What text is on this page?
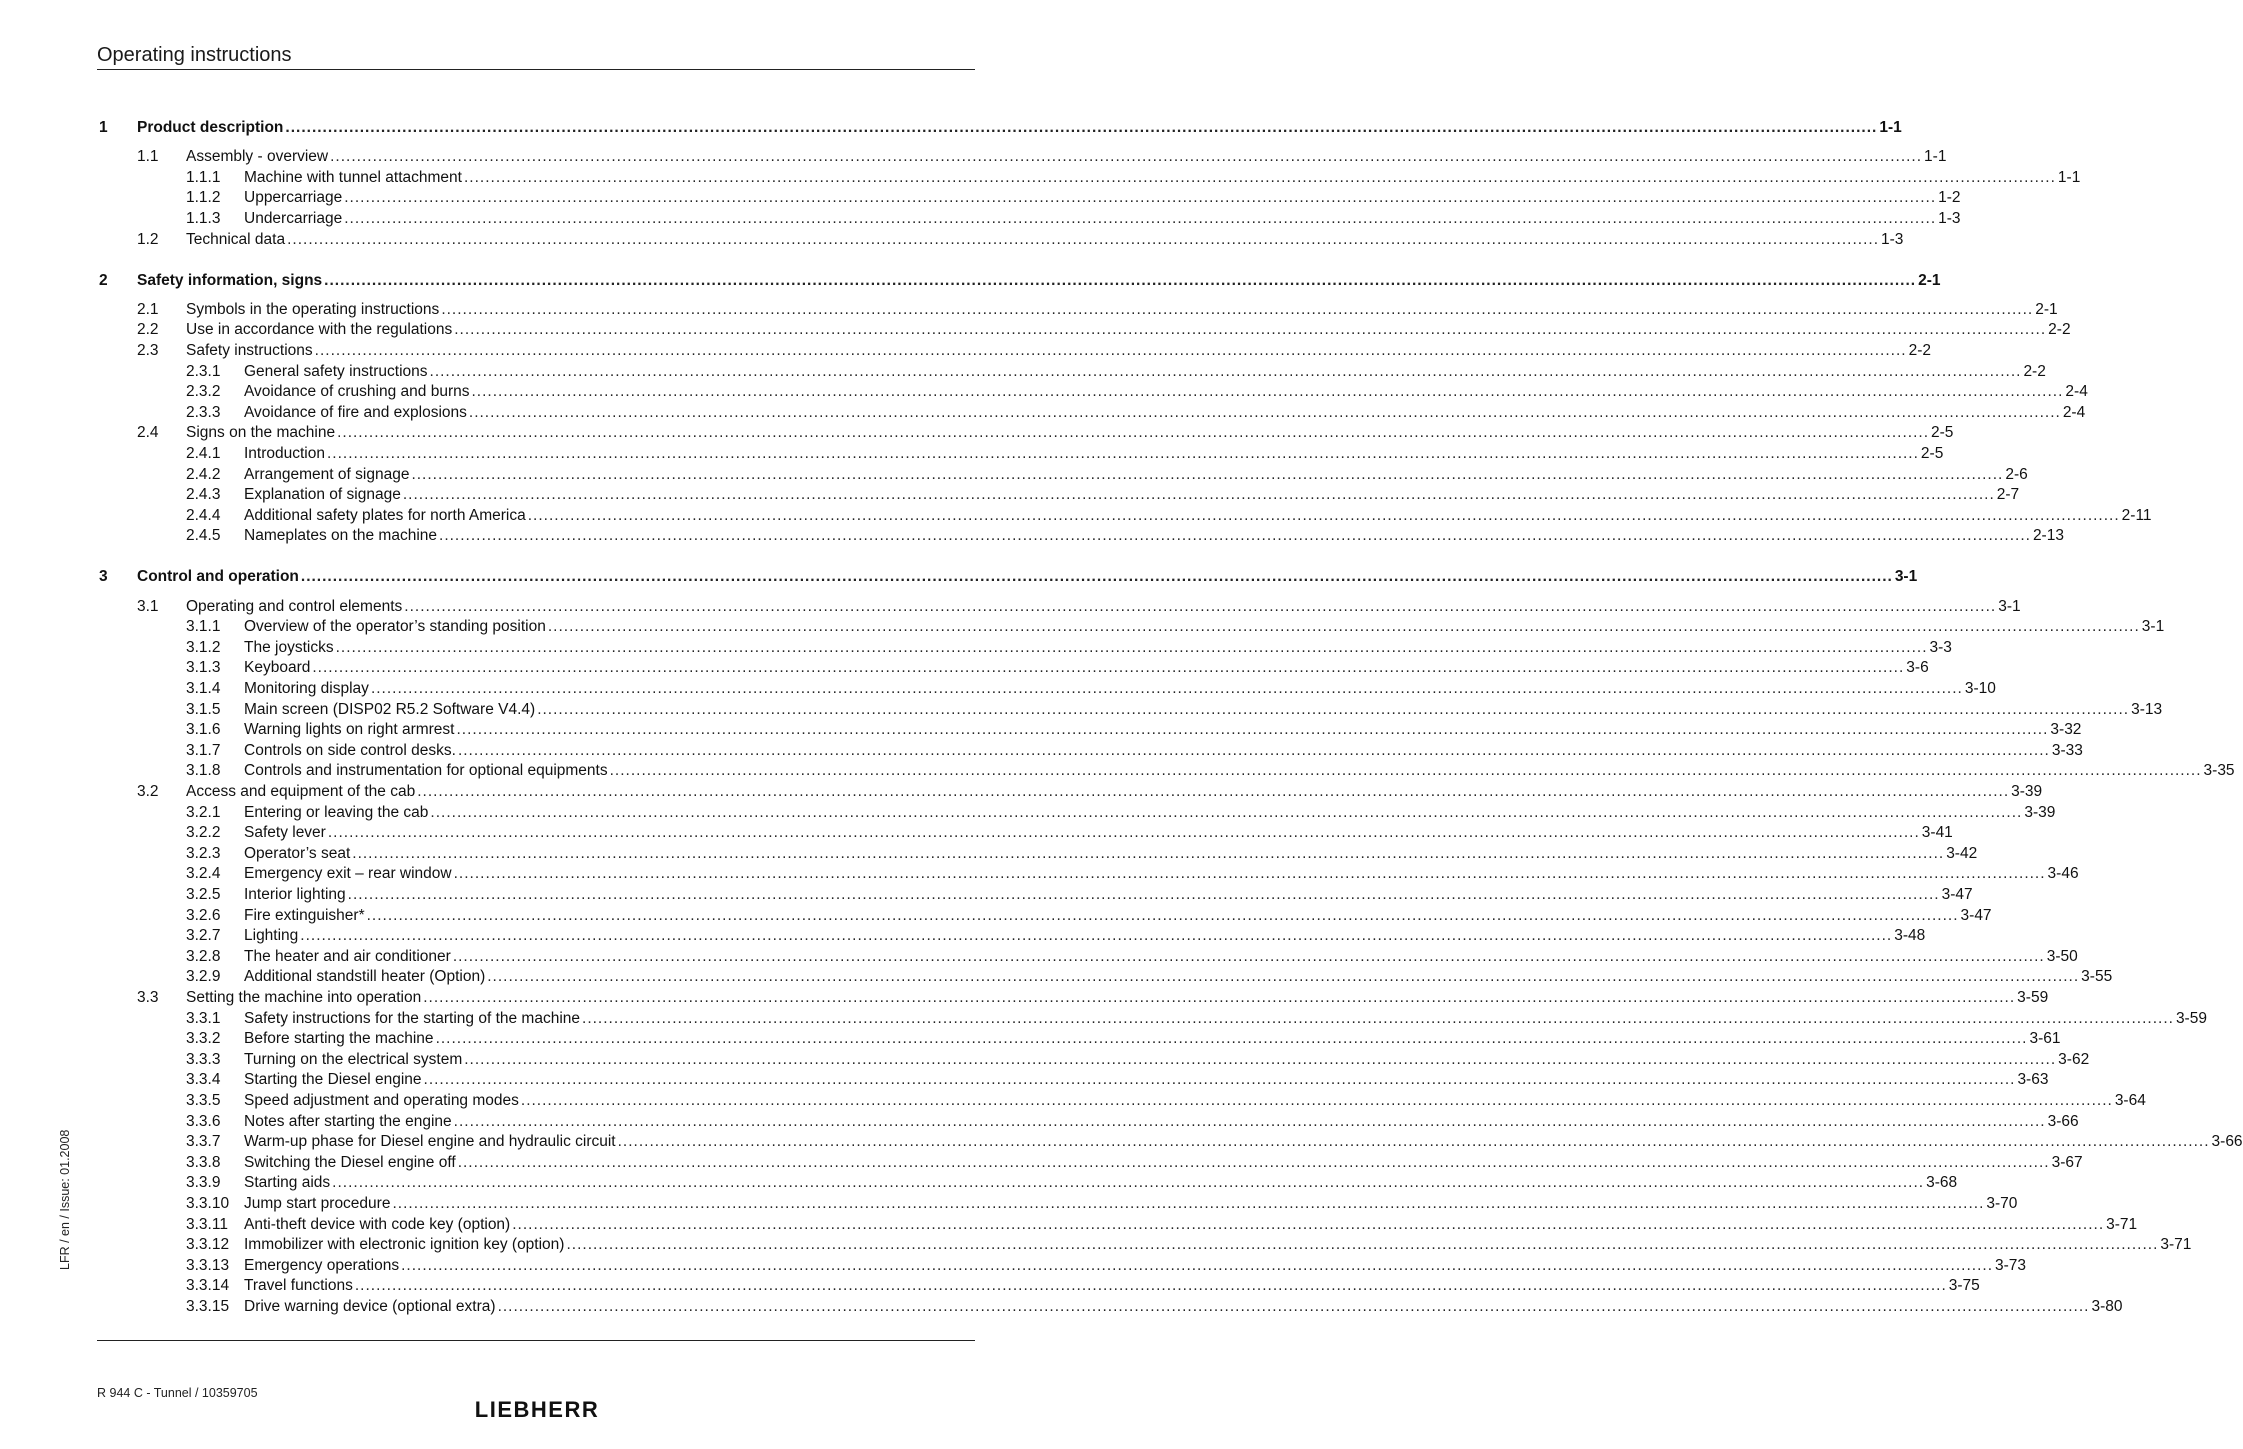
Operating instructions
1 Product description ............................................................................................................................................................................................................................................................................................................ 1-1
1.1 Assembly - overview ............................................................................................................................................................................................................................................................................................................ 1-1
1.1.1 Machine with tunnel attachment ............................................................................................................................................................................................................................................................................................................ 1-1
1.1.2 Uppercarriage ............................................................................................................................................................................................................................................................................................................ 1-2
1.1.3 Undercarriage ............................................................................................................................................................................................................................................................................................................ 1-3
1.2 Technical data ............................................................................................................................................................................................................................................................................................................ 1-3
2 Safety information, signs ............................................................................................................................................................................................................................................................................................................ 2-1
2.1 Symbols in the operating instructions ............................................................................................................................................................................................................................................................................................................ 2-1
2.2 Use in accordance with the regulations ............................................................................................................................................................................................................................................................................................................ 2-2
2.3 Safety instructions ............................................................................................................................................................................................................................................................................................................ 2-2
2.3.1 General safety instructions ............................................................................................................................................................................................................................................................................................................ 2-2
2.3.2 Avoidance of crushing and burns ............................................................................................................................................................................................................................................................................................................ 2-4
2.3.3 Avoidance of fire and explosions ............................................................................................................................................................................................................................................................................................................ 2-4
2.4 Signs on the machine ............................................................................................................................................................................................................................................................................................................ 2-5
2.4.1 Introduction ............................................................................................................................................................................................................................................................................................................ 2-5
2.4.2 Arrangement of signage ............................................................................................................................................................................................................................................................................................................ 2-6
2.4.3 Explanation of signage ............................................................................................................................................................................................................................................................................................................ 2-7
2.4.4 Additional safety plates for north America ............................................................................................................................................................................................................................................................................................................ 2-11
2.4.5 Nameplates on the machine ............................................................................................................................................................................................................................................................................................................ 2-13
3 Control and operation ............................................................................................................................................................................................................................................................................................................ 3-1
3.1 Operating and control elements ............................................................................................................................................................................................................................................................................................................ 3-1
3.1.1 Overview of the operator’s standing position ............................................................................................................................................................................................................................................................................................................ 3-1
3.1.2 The joysticks ............................................................................................................................................................................................................................................................................................................ 3-3
3.1.3 Keyboard ............................................................................................................................................................................................................................................................................................................ 3-6
3.1.4 Monitoring display ............................................................................................................................................................................................................................................................................................................ 3-10
3.1.5 Main screen (DISP02 R5.2 Software V4.4) ............................................................................................................................................................................................................................................................................................................ 3-13
3.1.6 Warning lights on right armrest ............................................................................................................................................................................................................................................................................................................ 3-32
3.1.7 Controls on side control desks. ............................................................................................................................................................................................................................................................................................................ 3-33
3.1.8 Controls and instrumentation for optional equipments ............................................................................................................................................................................................................................................................................................................ 3-35
3.2 Access and equipment of the cab ............................................................................................................................................................................................................................................................................................................ 3-39
3.2.1 Entering or leaving the cab ............................................................................................................................................................................................................................................................................................................ 3-39
3.2.2 Safety lever ............................................................................................................................................................................................................................................................................................................ 3-41
3.2.3 Operator’s seat ............................................................................................................................................................................................................................................................................................................ 3-42
3.2.4 Emergency exit – rear window ............................................................................................................................................................................................................................................................................................................ 3-46
3.2.5 Interior lighting ............................................................................................................................................................................................................................................................................................................ 3-47
3.2.6 Fire extinguisher* ............................................................................................................................................................................................................................................................................................................ 3-47
3.2.7 Lighting ............................................................................................................................................................................................................................................................................................................ 3-48
3.2.8 The heater and air conditioner ............................................................................................................................................................................................................................................................................................................ 3-50
3.2.9 Additional standstill heater (Option) ............................................................................................................................................................................................................................................................................................................ 3-55
3.3 Setting the machine into operation ............................................................................................................................................................................................................................................................................................................ 3-59
3.3.1 Safety instructions for the starting of the machine ............................................................................................................................................................................................................................................................................................................ 3-59
3.3.2 Before starting the machine ............................................................................................................................................................................................................................................................................................................ 3-61
3.3.3 Turning on the electrical system ............................................................................................................................................................................................................................................................................................................ 3-62
3.3.4 Starting the Diesel engine ............................................................................................................................................................................................................................................................................................................ 3-63
3.3.5 Speed adjustment and operating modes ............................................................................................................................................................................................................................................................................................................ 3-64
3.3.6 Notes after starting the engine ............................................................................................................................................................................................................................................................................................................ 3-66
3.3.7 Warm-up phase for Diesel engine and hydraulic circuit ............................................................................................................................................................................................................................................................................................................ 3-66
3.3.8 Switching the Diesel engine off ............................................................................................................................................................................................................................................................................................................ 3-67
3.3.9 Starting aids ............................................................................................................................................................................................................................................................................................................ 3-68
3.3.10 Jump start procedure ............................................................................................................................................................................................................................................................................................................ 3-70
3.3.11 Anti-theft device with code key (option) ............................................................................................................................................................................................................................................................................................................ 3-71
3.3.12 Immobilizer with electronic ignition key (option) ............................................................................................................................................................................................................................................................................................................ 3-71
3.3.13 Emergency operations ............................................................................................................................................................................................................................................................................................................ 3-73
3.3.14 Travel functions ............................................................................................................................................................................................................................................................................................................ 3-75
3.3.15 Drive warning device (optional extra) ............................................................................................................................................................................................................................................................................................................ 3-80
LFR / en / Issue: 01.2008
R 944 C - Tunnel / 10359705
LIEBHERR
